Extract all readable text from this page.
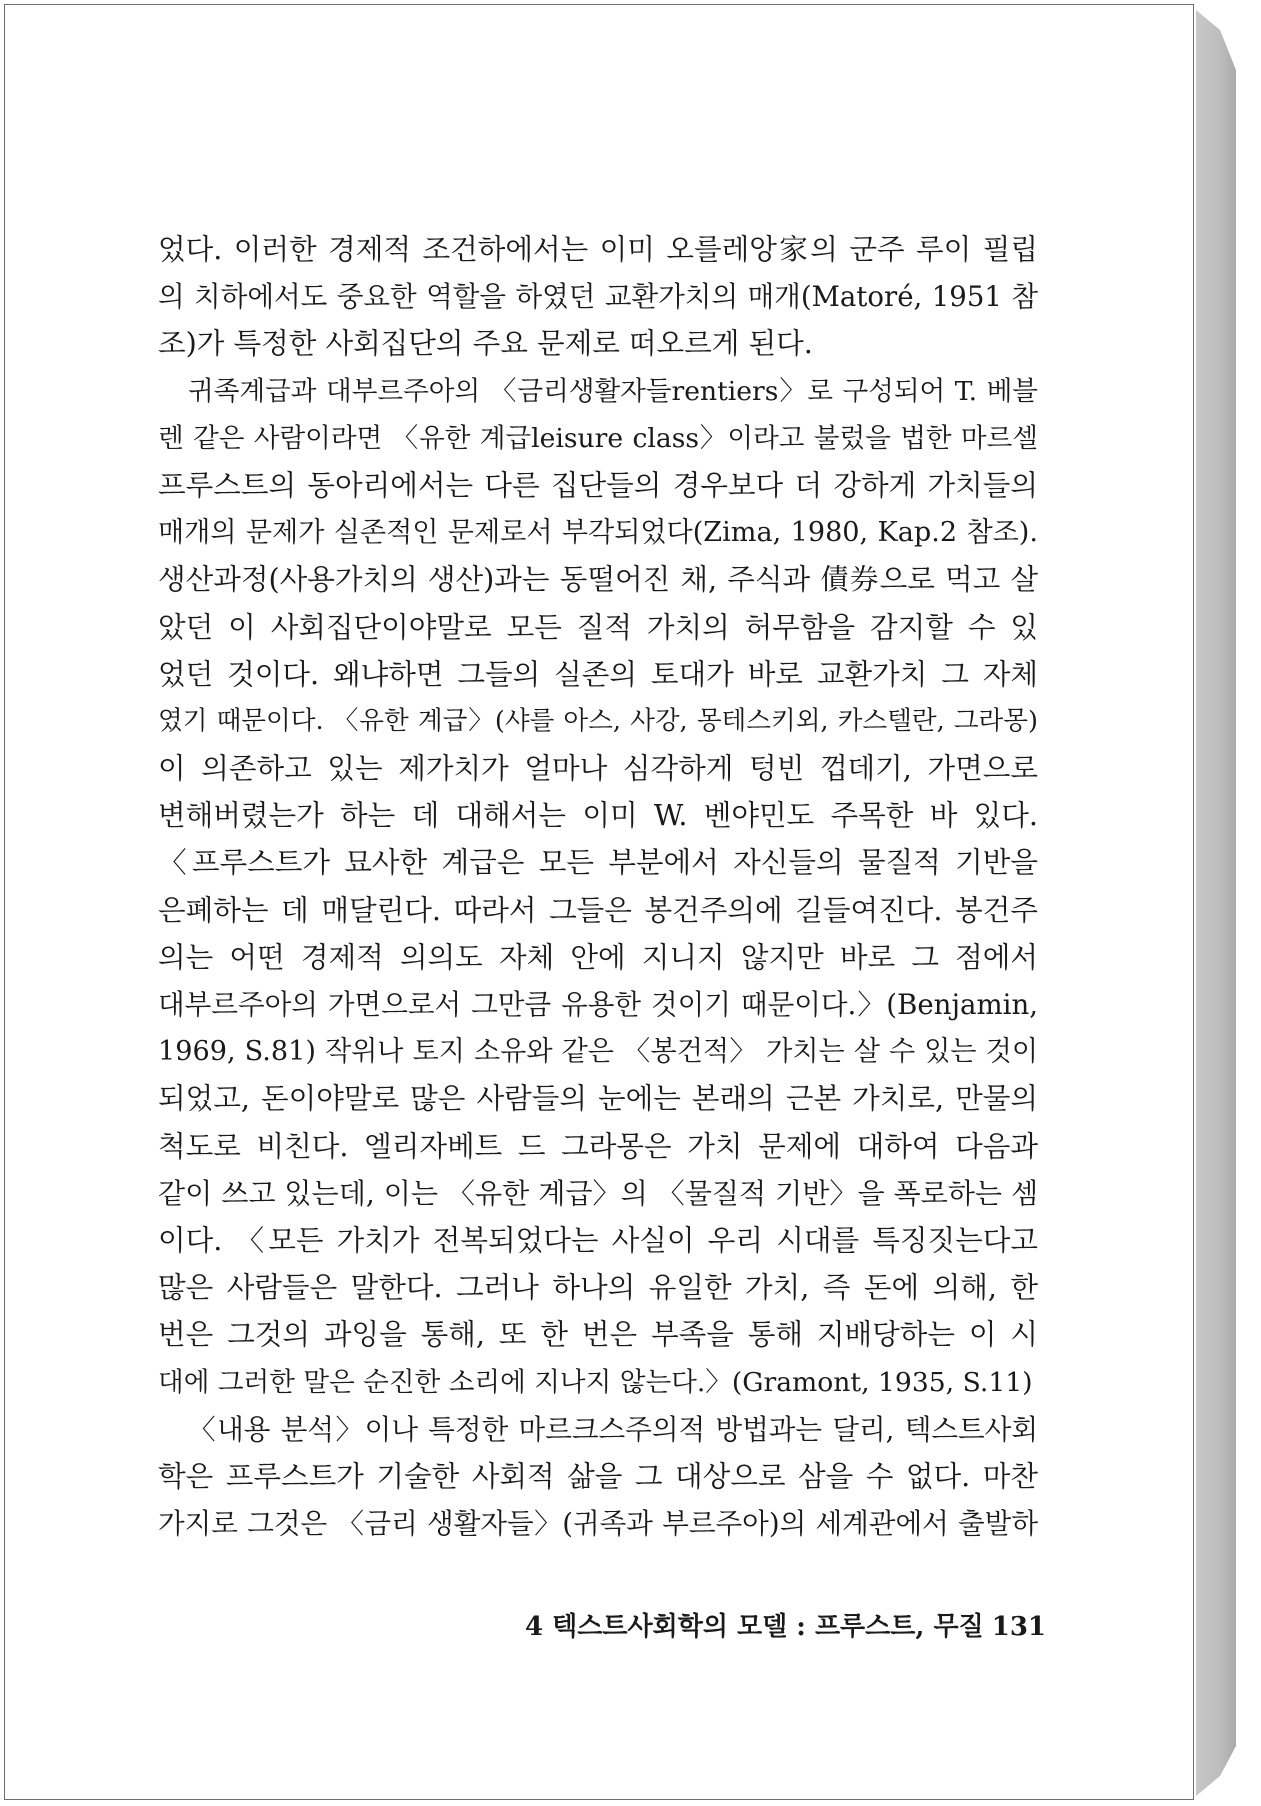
었다. 이러한 경제적 조건하에서는 이미 오를레앙家의 군주 루이 필립
의 치하에서도 중요한 역할을 하였던 교환가치의 매개(Matoré, 1951 참
조)가 특정한 사회집단의 주요 문제로 떠오르게 된다.
귀족계급과 대부르주아의 〈금리생활자들rentiers〉로 구성되어 T. 베블
렌 같은 사람이라면 〈유한 계급leisure class〉이라고 불렀을 법한 마르셀
프루스트의 동아리에서는 다른 집단들의 경우보다 더 강하게 가치들의
매개의 문제가 실존적인 문제로서 부각되었다(Zima, 1980, Kap.2 참조).
생산과정(사용가치의 생산)과는 동떨어진 채, 주식과 債券으로 먹고 살
았던 이 사회집단이야말로 모든 질적 가치의 허무함을 감지할 수 있
었던 것이다. 왜냐하면 그들의 실존의 토대가 바로 교환가치 그 자체
였기 때문이다. 〈유한 계급〉(샤를 아스, 사강, 몽테스키외, 카스텔란, 그라몽)
이 의존하고 있는 제가치가 얼마나 심각하게 텅빈 껍데기, 가면으로
변해버렸는가 하는 데 대해서는 이미 W. 벤야민도 주목한 바 있다.
〈프루스트가 묘사한 계급은 모든 부분에서 자신들의 물질적 기반을
은폐하는 데 매달린다. 따라서 그들은 봉건주의에 길들여진다. 봉건주
의는 어떤 경제적 의의도 자체 안에 지니지 않지만 바로 그 점에서
대부르주아의 가면으로서 그만큼 유용한 것이기 때문이다.〉(Benjamin,
1969, S.81) 작위나 토지 소유와 같은 〈봉건적〉 가치는 살 수 있는 것이
되었고, 돈이야말로 많은 사람들의 눈에는 본래의 근본 가치로, 만물의
척도로 비친다. 엘리자베트 드 그라몽은 가치 문제에 대하여 다음과
같이 쓰고 있는데, 이는 〈유한 계급〉의 〈물질적 기반〉을 폭로하는 셈
이다. 〈모든 가치가 전복되었다는 사실이 우리 시대를 특징짓는다고
많은 사람들은 말한다. 그러나 하나의 유일한 가치, 즉 돈에 의해, 한
번은 그것의 과잉을 통해, 또 한 번은 부족을 통해 지배당하는 이 시
대에 그러한 말은 순진한 소리에 지나지 않는다.〉(Gramont, 1935, S.11)
〈내용 분석〉이나 특정한 마르크스주의적 방법과는 달리, 텍스트사회
학은 프루스트가 기술한 사회적 삶을 그 대상으로 삼을 수 없다. 마찬
가지로 그것은 〈금리 생활자들〉(귀족과 부르주아)의 세계관에서 출발하
4 텍스트사회학의 모델 : 프루스트, 무질 131
